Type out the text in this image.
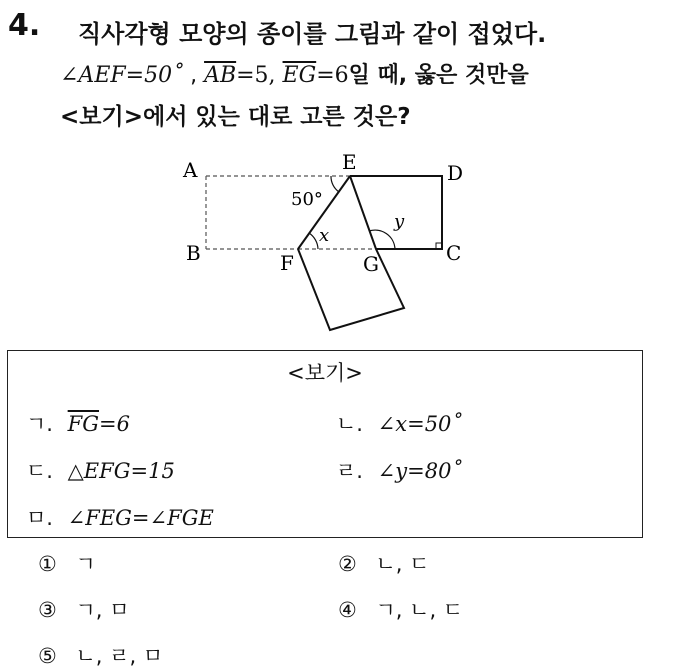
4. 직사각형 모양의 종이를 그림과 같이 접었다.
∠AEF=50˚ , $\overline{AB}=5$, $\overline{EG}=6$일 때, 옳은 것만을
<보기>에서 있는 대로 고른 것은?
A
B	C
D
E
F	G
50°
x
y
<보기>
ㄱ. $\overline{FG}=6$	ㄴ. ∠x=50˚
ㄷ. △EFG=15	ㄹ. ∠y=80˚
ㅁ. ∠FEG=∠FGE
① ㄱ	② ㄴ, ㄷ
③ ㄱ, ㅁ	④ ㄱ, ㄴ, ㄷ
⑤ ㄴ, ㄹ, ㅁ
